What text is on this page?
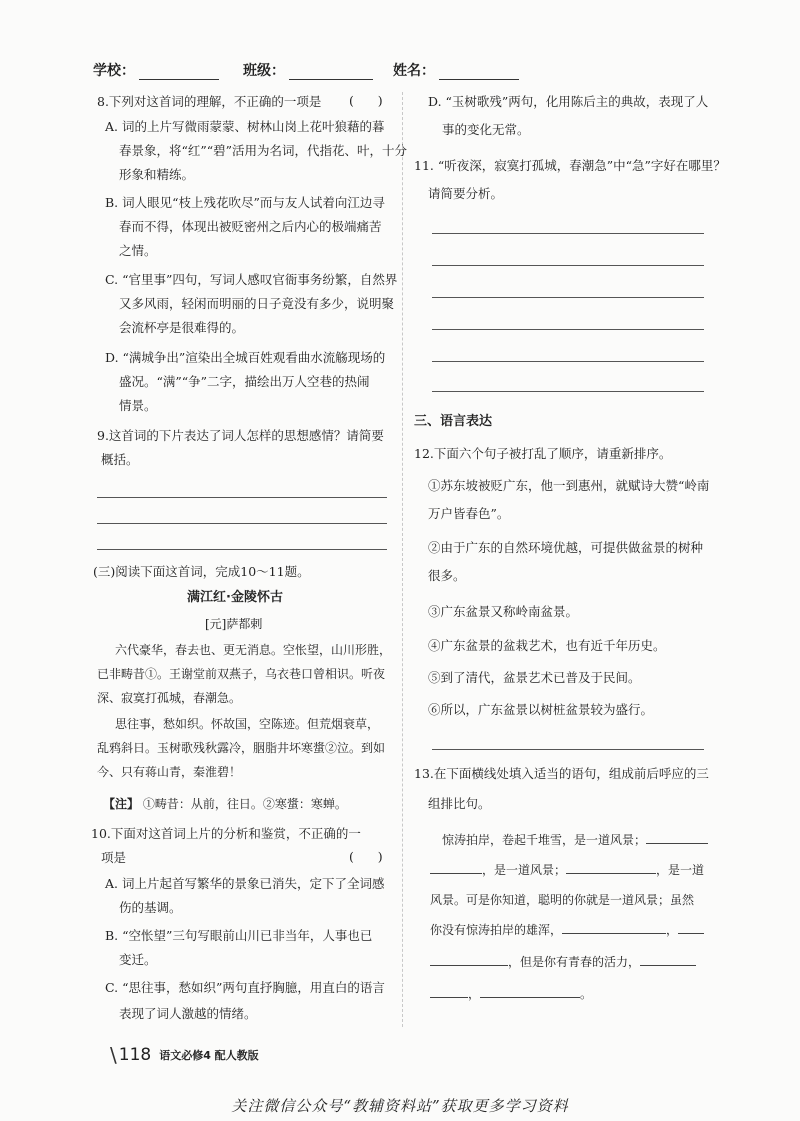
学校：	班级：	姓名：
8.下列对这首词的理解，不正确的一项是 (      )
A. 词的上片写微雨蒙蒙、树林山岗上花叶狼藉的暮
春景象，将“红”“碧”活用为名词，代指花、叶，十分
形象和精练。
B. 词人眼见“枝上残花吹尽”而与友人试着向江边寻
春而不得，体现出被贬密州之后内心的极端痛苦
之情。
C. “官里事”四句，写词人感叹官衙事务纷繁，自然界
又多风雨，轻闲而明丽的日子竟没有多少，说明聚
会流杯亭是很难得的。
D. “满城争出”渲染出全城百姓观看曲水流觞现场的
盛况。“满”“争”二字，描绘出万人空巷的热闹
情景。
9.这首词的下片表达了词人怎样的思想感情？请简要
概括。
(三)阅读下面这首词，完成10～11题。
满江红·金陵怀古
[元]萨都剌
六代豪华，春去也、更无消息。空怅望，山川形胜，
已非畴昔①。王谢堂前双燕子，乌衣巷口曾相识。听夜
深、寂寞打孤城，春潮急。
思往事，愁如织。怀故国，空陈迹。但荒烟衰草，
乱鸦斜日。玉树歌残秋露冷，胭脂井坏寒螀②泣。到如
今、只有蒋山青，秦淮碧！
【注】 ①畴昔：从前，往日。②寒螀：寒蝉。
10.下面对这首词上片的分析和鉴赏，不正确的一
项是	(      )
A. 词上片起首写繁华的景象已消失，定下了全词感
伤的基调。
B. “空怅望”三句写眼前山川已非当年，人事也已
变迁。
C. “思往事，愁如织”两句直抒胸臆，用直白的语言
表现了词人激越的情绪。
D. “玉树歌残”两句，化用陈后主的典故，表现了人
事的变化无常。
11. “听夜深，寂寞打孤城，春潮急”中“急”字好在哪里？
请简要分析。
三、语言表达
12.下面六个句子被打乱了顺序，请重新排序。
①苏东坡被贬广东，他一到惠州，就赋诗大赞“岭南
万户皆春色”。
②由于广东的自然环境优越，可提供做盆景的树种
很多。
③广东盆景又称岭南盆景。
④广东盆景的盆栽艺术，也有近千年历史。
⑤到了清代，盆景艺术已普及于民间。
⑥所以，广东盆景以树桩盆景较为盛行。
13.在下面横线处填入适当的语句，组成前后呼应的三
组排比句。
惊涛拍岸，卷起千堆雪，是一道风景；
，是一道风景；	，是一道
风景。可是你知道，聪明的你就是一道风景；虽然
你没有惊涛拍岸的雄浑，	，
，但是你有青春的活力，
，	。
\ 118 语文必修4 配人教版
关注微信公众号“教辅资料站”获取更多学习资料
